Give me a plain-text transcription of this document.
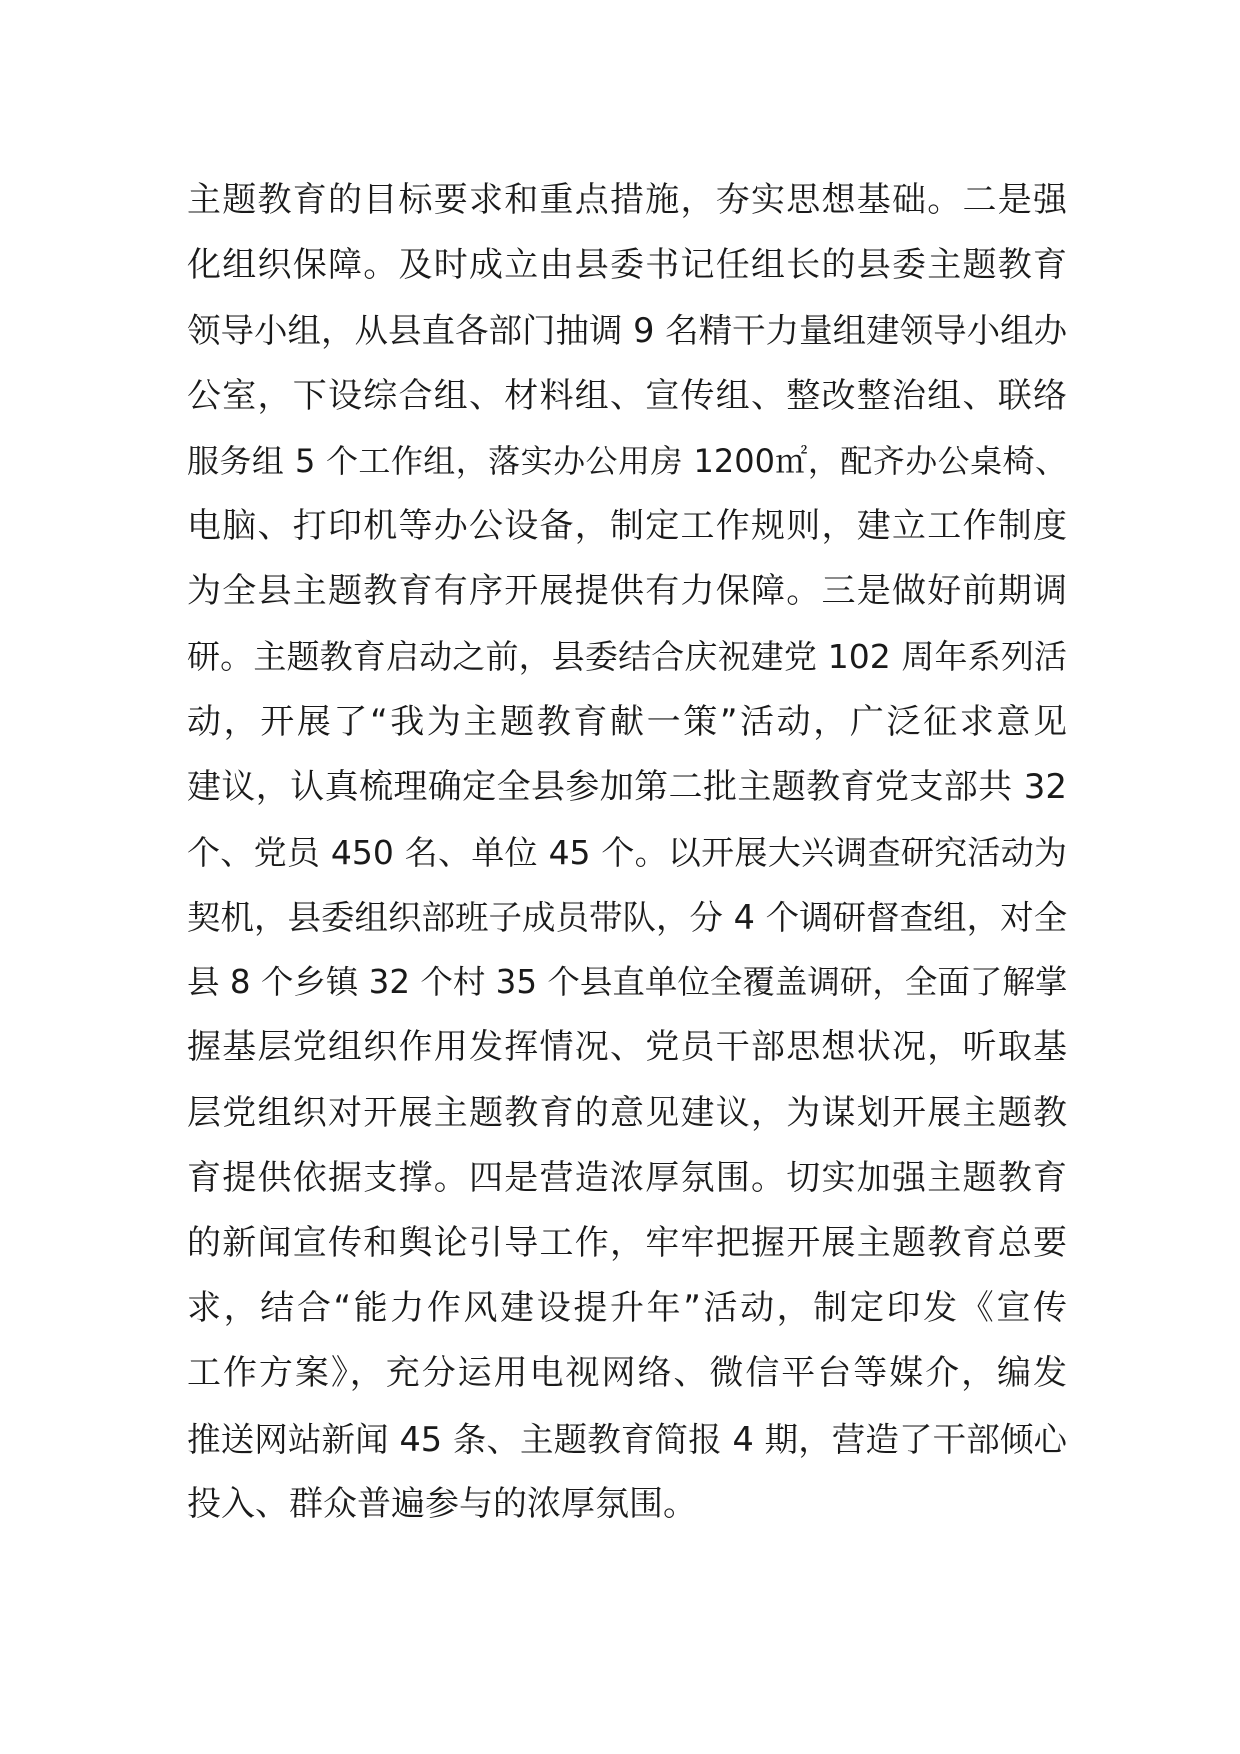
主题教育的目标要求和重点措施，夯实思想基础。二是强
化组织保障。及时成立由县委书记任组长的县委主题教育
领导小组，从县直各部门抽调 9 名精干力量组建领导小组办
公室，下设综合组、材料组、宣传组、整改整治组、联络
服务组 5 个工作组，落实办公用房 1200㎡，配齐办公桌椅、
电脑、打印机等办公设备，制定工作规则，建立工作制度
为全县主题教育有序开展提供有力保障。三是做好前期调
研。主题教育启动之前，县委结合庆祝建党 102 周年系列活
动，开展了“我为主题教育献一策”活动，广泛征求意见
建议，认真梳理确定全县参加第二批主题教育党支部共 32
个、党员 450 名、单位 45 个。以开展大兴调查研究活动为
契机，县委组织部班子成员带队，分 4 个调研督查组，对全
县 8 个乡镇 32 个村 35 个县直单位全覆盖调研，全面了解掌
握基层党组织作用发挥情况、党员干部思想状况，听取基
层党组织对开展主题教育的意见建议，为谋划开展主题教
育提供依据支撑。四是营造浓厚氛围。切实加强主题教育
的新闻宣传和舆论引导工作，牢牢把握开展主题教育总要
求，结合“能力作风建设提升年”活动，制定印发《宣传
工作方案》，充分运用电视网络、微信平台等媒介，编发
推送网站新闻 45 条、主题教育简报 4 期，营造了干部倾心
投入、群众普遍参与的浓厚氛围。
